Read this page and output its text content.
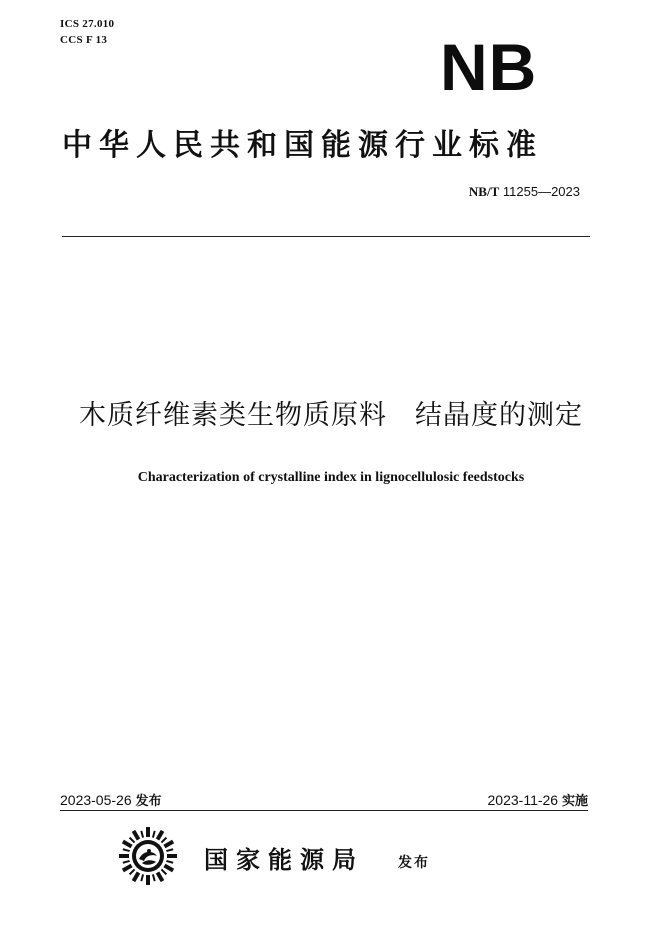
ICS 27.010
CCS F 13	NB
中华人民共和国能源行业标准
NB/T 11255—2023
木质纤维素类生物质原料　结晶度的测定
Characterization of crystalline index in lignocellulosic feedstocks
2023-05-26 发布	2023-11-26 实施
国家能源局 发布
